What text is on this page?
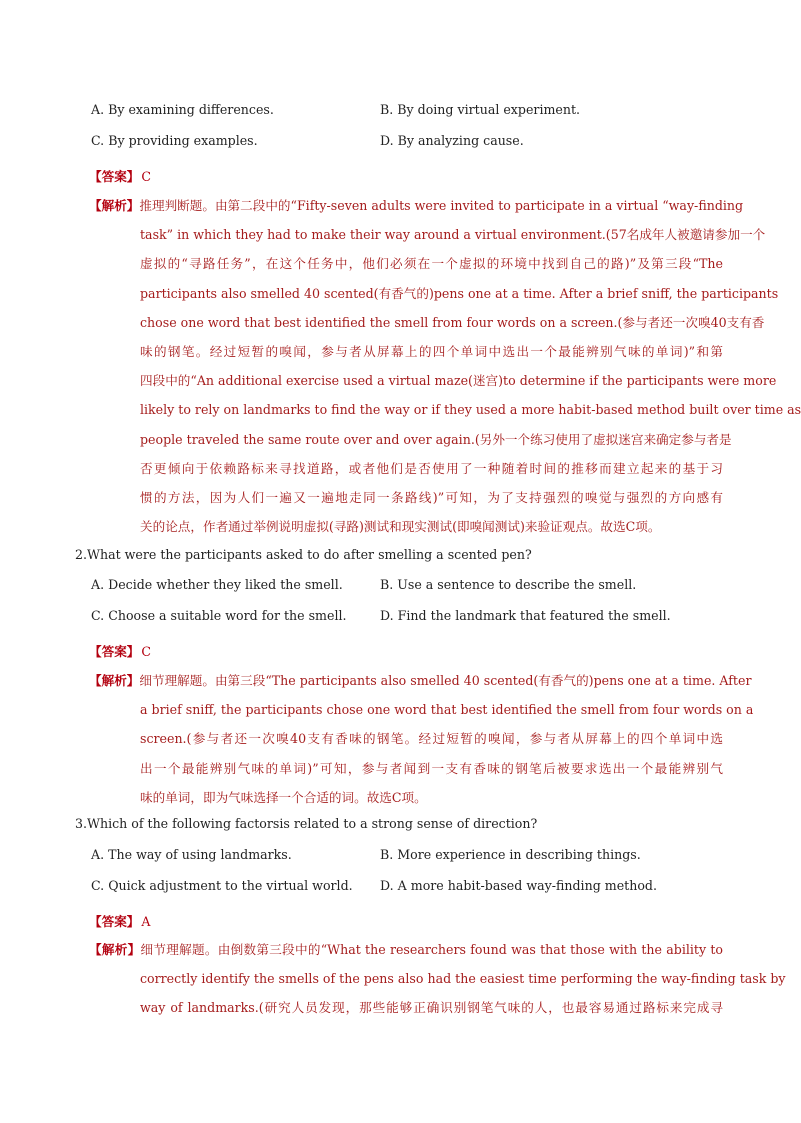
A. By examining differences.	B. By doing virtual experiment.
C. By providing examples.	D. By analyzing cause.
【答案】 C
【解析】推理判断题。由第二段中的“Fifty-seven adults were invited to participate in a virtual “way-finding
task” in which they had to make their way around a virtual environment.(57名成年人被邀请参加一个
虚拟的“寻路任务”，在这个任务中，他们必须在一个虚拟的环境中找到自己的路)”及第三段“The
participants also smelled 40 scented(有香气的)pens one at a time. After a brief sniff, the participants
chose one word that best identified the smell from four words on a screen.(参与者还一次嗅40支有香
味的钢笔。经过短暂的嗅闻，参与者从屏幕上的四个单词中选出一个最能辨别气味的单词)”和第
四段中的“An additional exercise used a virtual maze(迷宫)to determine if the participants were more
likely to rely on landmarks to find the way or if they used a more habit-based method built over time as
people traveled the same route over and over again.(另外一个练习使用了虚拟迷宫来确定参与者是
否更倾向于依赖路标来寻找道路，或者他们是否使用了一种随着时间的推移而建立起来的基于习
惯的方法，因为人们一遍又一遍地走同一条路线)”可知，为了支持强烈的嗅觉与强烈的方向感有
关的论点，作者通过举例说明虚拟(寻路)测试和现实测试(即嗅闻测试)来验证观点。故选C项。
2.What were the participants asked to do after smelling a scented pen?
A. Decide whether they liked the smell.	B. Use a sentence to describe the smell.
C. Choose a suitable word for the smell.	D. Find the landmark that featured the smell.
【答案】 C
【解析】细节理解题。由第三段“The participants also smelled 40 scented(有香气的)pens one at a time. After
a brief sniff, the participants chose one word that best identified the smell from four words on a
screen.(参与者还一次嗅40支有香味的钢笔。经过短暂的嗅闻，参与者从屏幕上的四个单词中选
出一个最能辨别气味的单词)”可知，参与者闻到一支有香味的钢笔后被要求选出一个最能辨别气
味的单词，即为气味选择一个合适的词。故选C项。
3.Which of the following factorsis related to a strong sense of direction?
A. The way of using landmarks.	B. More experience in describing things.
C. Quick adjustment to the virtual world. D. A more habit-based way-finding method.
【答案】 A
【解析】细节理解题。由倒数第三段中的“What the researchers found was that those with the ability to
correctly identify the smells of the pens also had the easiest time performing the way-finding task by
way of landmarks.(研究人员发现，那些能够正确识别钢笔气味的人，也最容易通过路标来完成寻
